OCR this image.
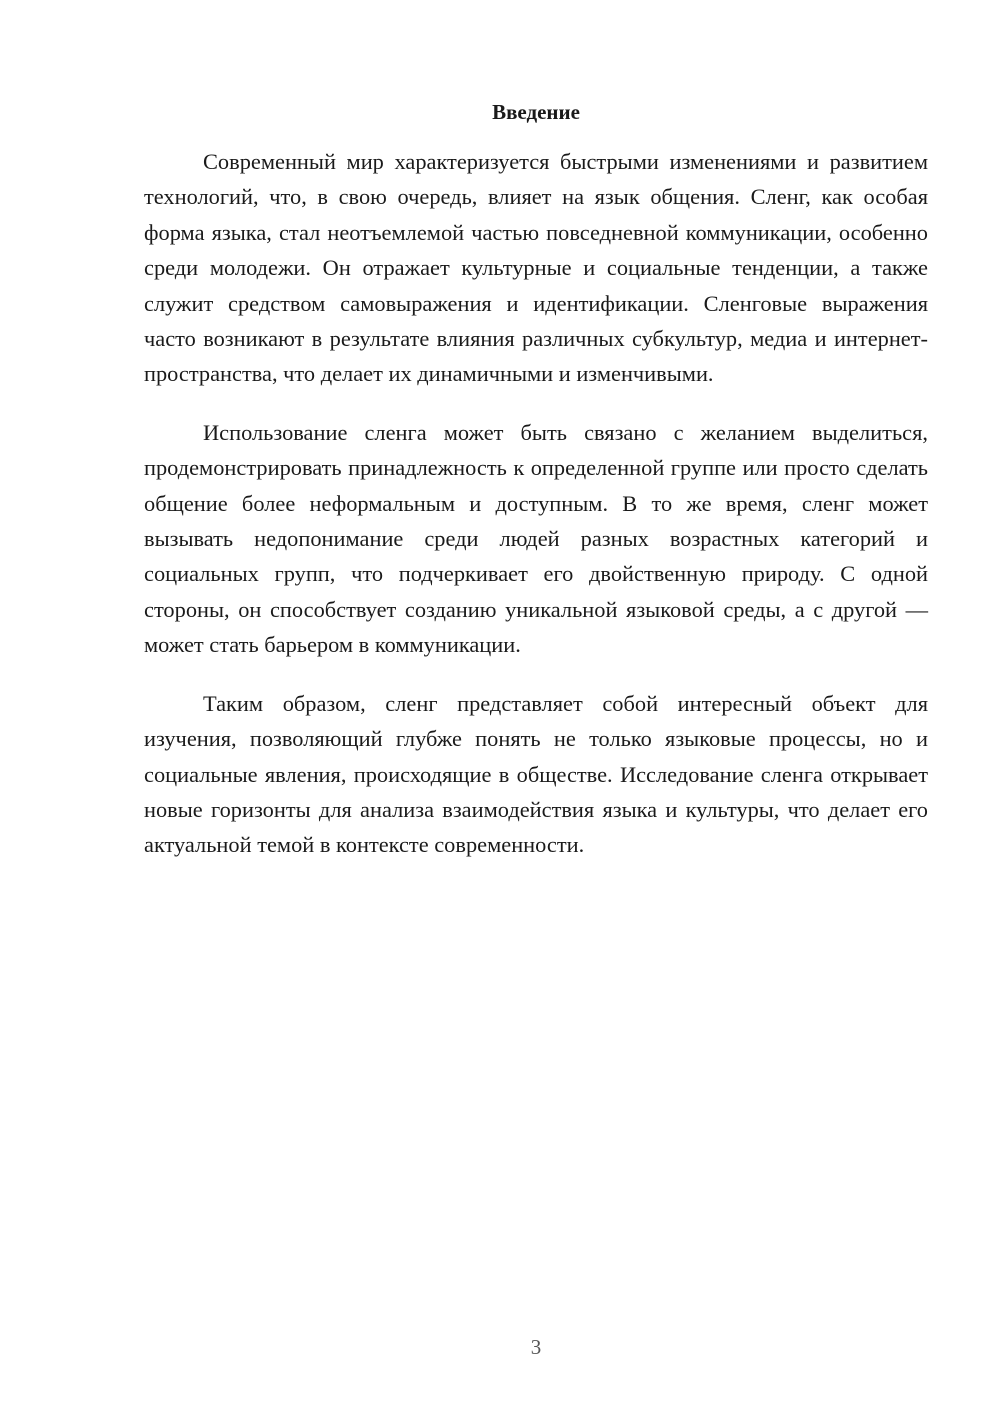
Введение

Современный мир характеризуется быстрыми изменениями и развитием технологий, что, в свою очередь, влияет на язык общения. Сленг, как особая форма языка, стал неотъемлемой частью повседневной коммуникации, особенно среди молодежи. Он отражает культурные и социальные тенденции, а также служит средством самовыражения и идентификации. Сленговые выражения часто возникают в результате влияния различных субкультур, медиа и интернет-пространства, что делает их динамичными и изменчивыми.

Использование сленга может быть связано с желанием выделиться, продемонстрировать принадлежность к определенной группе или просто сделать общение более неформальным и доступным. В то же время, сленг может вызывать недопонимание среди людей разных возрастных категорий и социальных групп, что подчеркивает его двойственную природу. С одной стороны, он способствует созданию уникальной языковой среды, а с другой — может стать барьером в коммуникации.

Таким образом, сленг представляет собой интересный объект для изучения, позволяющий глубже понять не только языковые процессы, но и социальные явления, происходящие в обществе. Исследование сленга открывает новые горизонты для анализа взаимодействия языка и культуры, что делает его актуальной темой в контексте современности.

3
